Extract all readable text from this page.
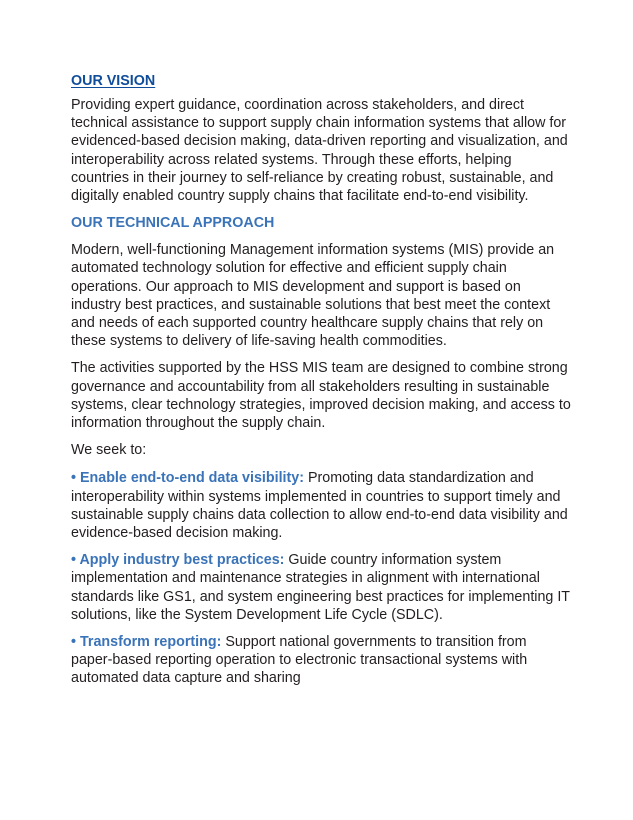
OUR VISION

Providing expert guidance, coordination across stakeholders, and direct technical assistance to support supply chain information systems that allow for evidenced-based decision making, data-driven reporting and visualization, and interoperability across related systems. Through these efforts, helping countries in their journey to self-reliance by creating robust, sustainable, and digitally enabled country supply chains that facilitate end-to-end visibility.

OUR TECHNICAL APPROACH

Modern, well-functioning Management information systems (MIS) provide an automated technology solution for effective and efficient supply chain operations. Our approach to MIS development and support is based on industry best practices, and sustainable solutions that best meet the context and needs of each supported country healthcare supply chains that rely on these systems to delivery of life-saving health commodities.

The activities supported by the HSS MIS team are designed to combine strong governance and accountability from all stakeholders resulting in sustainable systems, clear technology strategies, improved decision making, and access to information throughout the supply chain.

We seek to:

• Enable end-to-end data visibility: Promoting data standardization and interoperability within systems implemented in countries to support timely and sustainable supply chains data collection to allow end-to-end data visibility and evidence-based decision making.

• Apply industry best practices: Guide country information system implementation and maintenance strategies in alignment with international standards like GS1, and system engineering best practices for implementing IT solutions, like the System Development Life Cycle (SDLC).

• Transform reporting: Support national governments to transition from paper-based reporting operation to electronic transactional systems with automated data capture and sharing
